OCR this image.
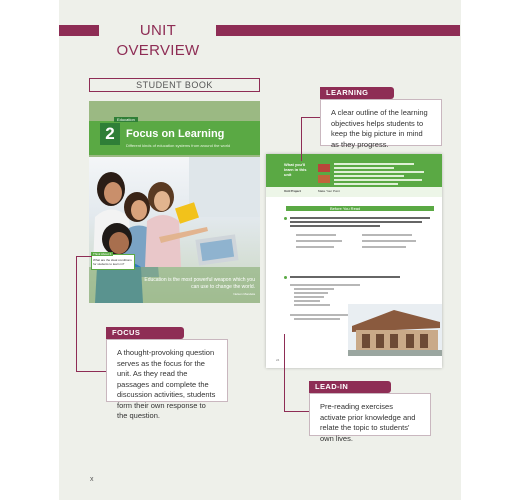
UNIT OVERVIEW
STUDENT BOOK
Education
2	Focus on Learning
Different kinds of education systems from around the world
Think About It
What are the ideal conditions for students to learn in?
Education is the most powerful weapon which you can use to change the world.
Nelson Mandela
What you'll learn in this unit
Unit Project	Make Your Point
Before You Read
24
LEARNING
A clear outline of the learning objectives helps students to keep the big picture in mind as they progress.
FOCUS
A thought-provoking question serves as the focus for the unit. As they read the passages and complete the discussion activities, students form their own response to the question.
LEAD-IN
Pre-reading exercises activate prior knowledge and relate the topic to students' own lives.
x
